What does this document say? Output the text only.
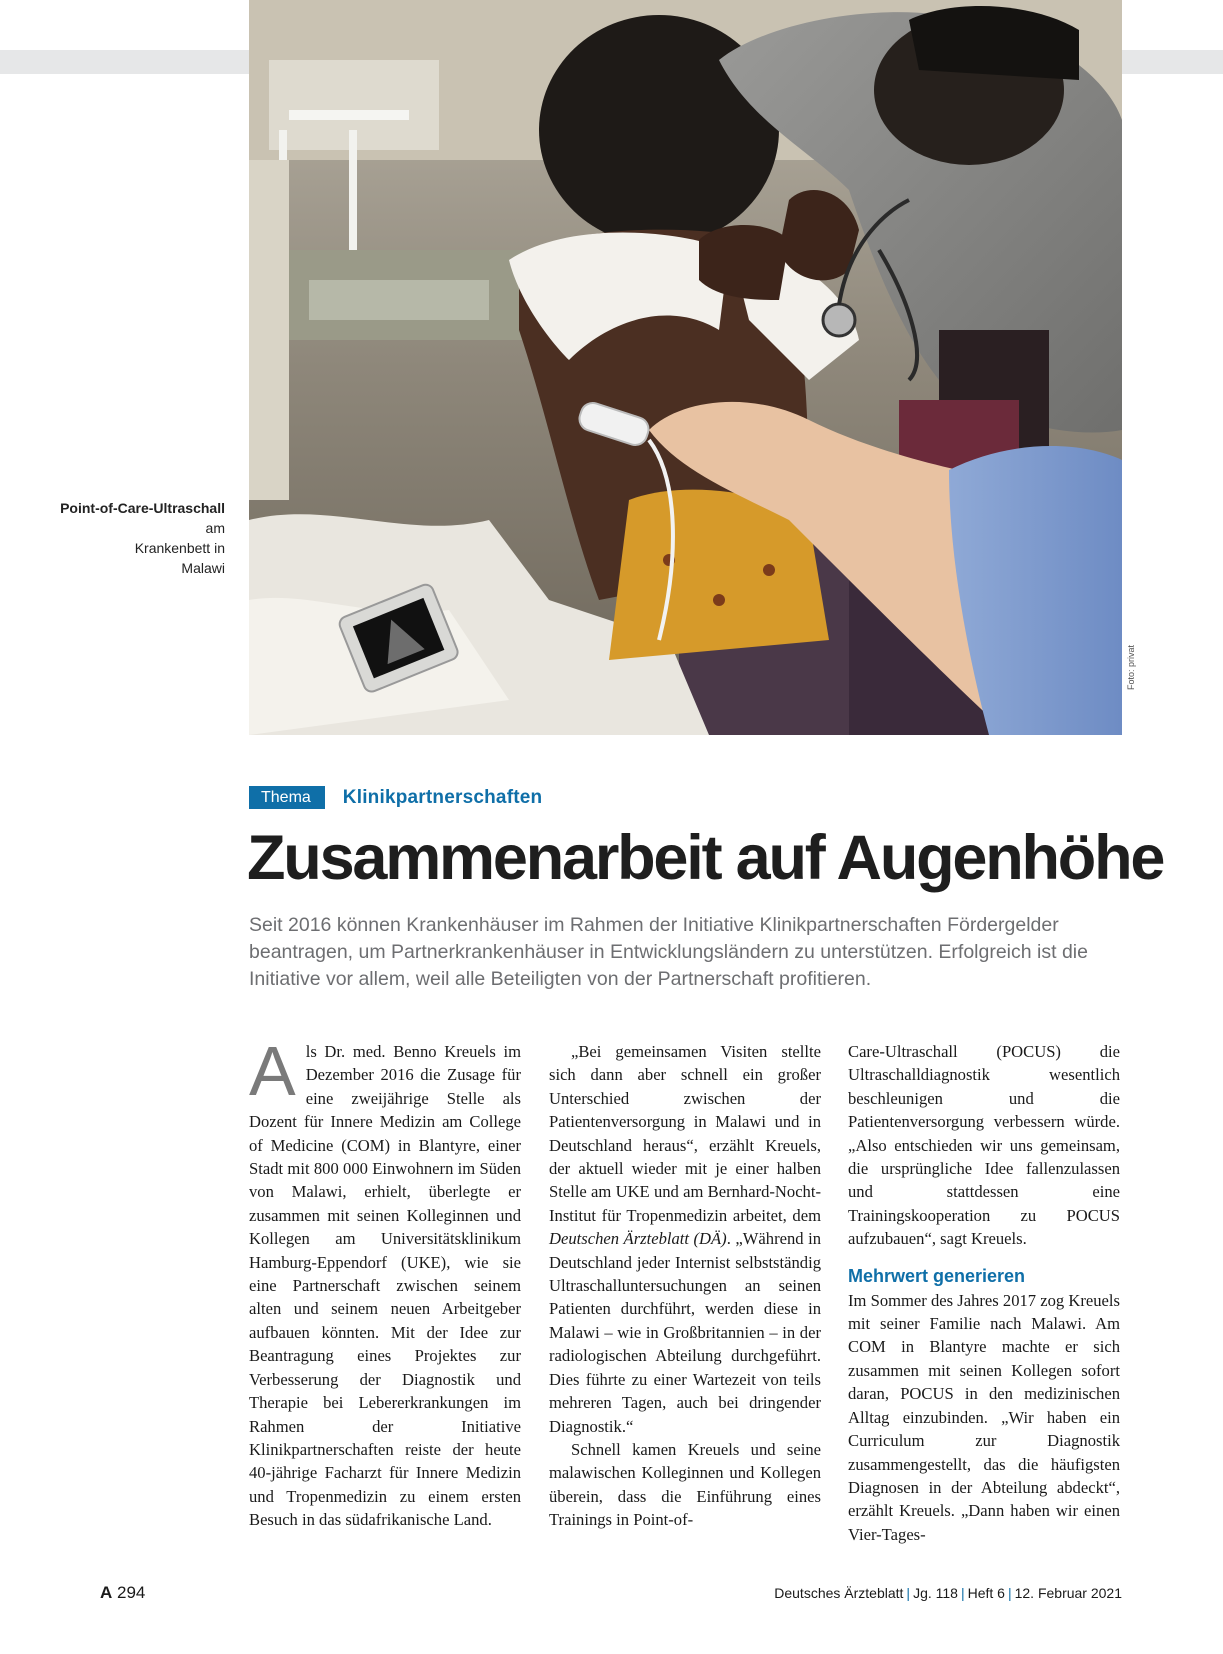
Point-of-Care-Ultraschall am
Krankenbett in
Malawi
Foto: privat
Thema	Klinikpartnerschaften
Zusammenarbeit auf Augenhöhe

Seit 2016 können Krankenhäuser im Rahmen der Initiative Klinikpartnerschaften Fördergelder beantragen, um Partnerkrankenhäuser in Entwicklungsländern zu unterstützen. Erfolgreich ist die Initiative vor allem, weil alle Beteiligten von der Partnerschaft profitieren.

A ls Dr. med. Benno Kreuels im Dezember 2016 die Zusage für eine zweijährige Stelle als Dozent für Innere Medizin am College of Medicine (COM) in Blantyre, einer Stadt mit 800 000 Einwohnern im Süden von Malawi, erhielt, überlegte er zusammen mit seinen Kolleginnen und Kollegen am Universitätsklinikum Hamburg-Eppendorf (UKE), wie sie eine Partnerschaft zwischen seinem alten und seinem neuen Arbeitgeber aufbauen könnten. Mit der Idee zur Beantragung eines Projektes zur Verbesserung der Diagnostik und Therapie bei Lebererkrankungen im Rahmen der Initiative Klinikpartnerschaften reiste der heute 40-jährige Facharzt für Innere Medizin und Tropenmedizin zu einem ersten Besuch in das südafrikanische Land.

„Bei gemeinsamen Visiten stellte sich dann aber schnell ein großer Unterschied zwischen der Patientenversorgung in Malawi und in Deutschland heraus“, erzählt Kreuels, der aktuell wieder mit je einer halben Stelle am UKE und am Bernhard-Nocht-Institut für Tropenmedizin arbeitet, dem Deutschen Ärzteblatt (DÄ). „Während in Deutschland jeder Internist selbstständig Ultraschalluntersuchungen an seinen Patienten durchführt, werden diese in Malawi – wie in Großbritannien – in der radiologischen Abteilung durchgeführt. Dies führte zu einer Wartezeit von teils mehreren Tagen, auch bei dringender Diagnostik.“

Schnell kamen Kreuels und seine malawischen Kolleginnen und Kollegen überein, dass die Einführung eines Trainings in Point-of-

Care-Ultraschall (POCUS) die Ultraschalldiagnostik wesentlich beschleunigen und die Patientenversorgung verbessern würde. „Also entschieden wir uns gemeinsam, die ursprüngliche Idee fallenzulassen und stattdessen eine Trainingskooperation zu POCUS aufzubauen“, sagt Kreuels.

Mehrwert generieren

Im Sommer des Jahres 2017 zog Kreuels mit seiner Familie nach Malawi. Am COM in Blantyre machte er sich zusammen mit seinen Kollegen sofort daran, POCUS in den medizinischen Alltag einzubinden. „Wir haben ein Curriculum zur Diagnostik zusammengestellt, das die häufigsten Diagnosen in der Abteilung abdeckt“, erzählt Kreuels. „Dann haben wir einen Vier-Tages-

A 294	Deutsches Ärzteblatt | Jg. 118 | Heft 6 | 12. Februar 2021
